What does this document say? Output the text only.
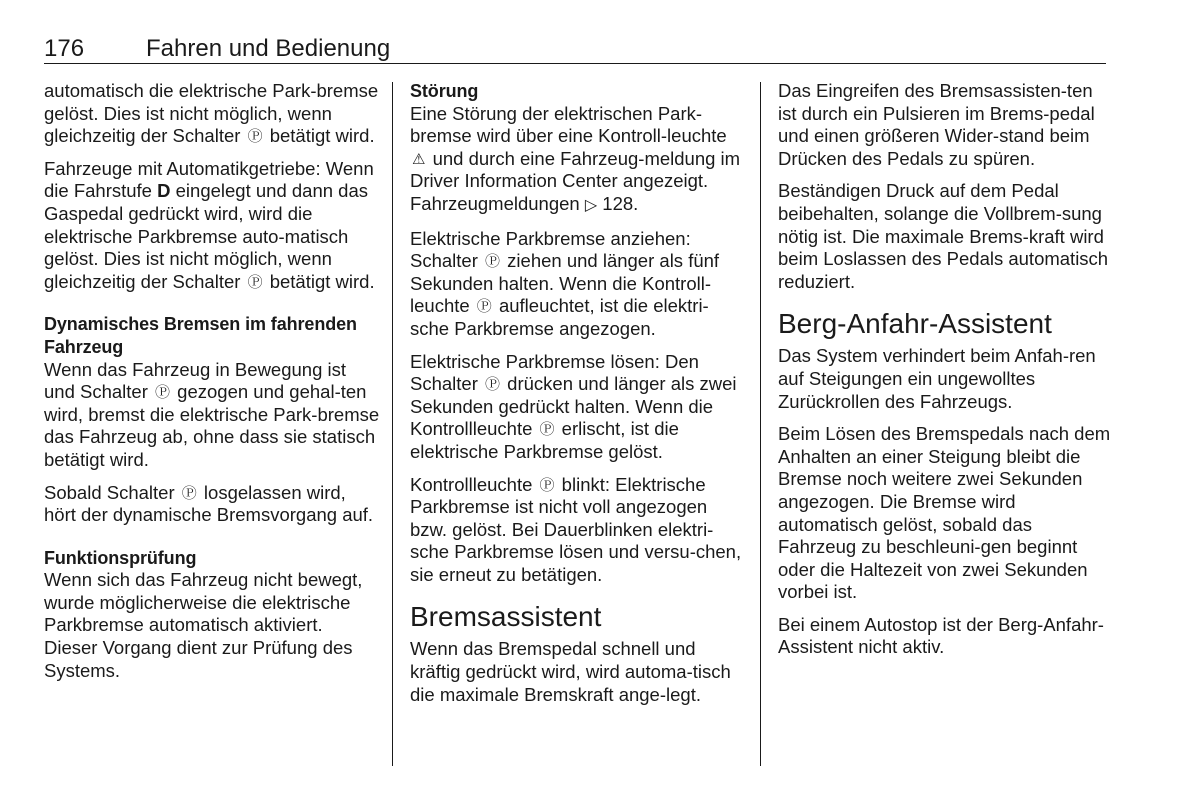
176	Fahren und Bedienung

automatisch die elektrische Park-bremse gelöst. Dies ist nicht möglich, wenn gleichzeitig der Schalter Ⓟ betätigt wird.

Fahrzeuge mit Automatikgetriebe: Wenn die Fahrstufe D eingelegt und dann das Gaspedal gedrückt wird, wird die elektrische Parkbremse auto-matisch gelöst. Dies ist nicht möglich, wenn gleichzeitig der Schalter Ⓟ betätigt wird.

Dynamisches Bremsen im fahrenden Fahrzeug

Wenn das Fahrzeug in Bewegung ist und Schalter Ⓟ gezogen und gehal-ten wird, bremst die elektrische Park-bremse das Fahrzeug ab, ohne dass sie statisch betätigt wird.

Sobald Schalter Ⓟ losgelassen wird, hört der dynamische Bremsvorgang auf.

Funktionsprüfung

Wenn sich das Fahrzeug nicht bewegt, wurde möglicherweise die elektrische Parkbremse automatisch aktiviert. Dieser Vorgang dient zur Prüfung des Systems.

Störung

Eine Störung der elektrischen Park-bremse wird über eine Kontroll-leuchte ⚠ und durch eine Fahrzeug-meldung im Driver Information Center angezeigt. Fahrzeugmeldungen ▷ 128.

Elektrische Parkbremse anziehen: Schalter Ⓟ ziehen und länger als fünf Sekunden halten. Wenn die Kontroll-leuchte Ⓟ aufleuchtet, ist die elektri-sche Parkbremse angezogen.

Elektrische Parkbremse lösen: Den Schalter Ⓟ drücken und länger als zwei Sekunden gedrückt halten. Wenn die Kontrollleuchte Ⓟ erlischt, ist die elektrische Parkbremse gelöst.

Kontrollleuchte Ⓟ blinkt: Elektrische Parkbremse ist nicht voll angezogen bzw. gelöst. Bei Dauerblinken elektri-sche Parkbremse lösen und versu-chen, sie erneut zu betätigen.

Bremsassistent

Wenn das Bremspedal schnell und kräftig gedrückt wird, wird automa-tisch die maximale Bremskraft ange-legt.

Das Eingreifen des Bremsassisten-ten ist durch ein Pulsieren im Brems-pedal und einen größeren Wider-stand beim Drücken des Pedals zu spüren.

Beständigen Druck auf dem Pedal beibehalten, solange die Vollbrem-sung nötig ist. Die maximale Brems-kraft wird beim Loslassen des Pedals automatisch reduziert.

Berg-Anfahr-Assistent

Das System verhindert beim Anfah-ren auf Steigungen ein ungewolltes Zurückrollen des Fahrzeugs.

Beim Lösen des Bremspedals nach dem Anhalten an einer Steigung bleibt die Bremse noch weitere zwei Sekunden angezogen. Die Bremse wird automatisch gelöst, sobald das Fahrzeug zu beschleuni-gen beginnt oder die Haltezeit von zwei Sekunden vorbei ist.

Bei einem Autostop ist der Berg-Anfahr-Assistent nicht aktiv.
